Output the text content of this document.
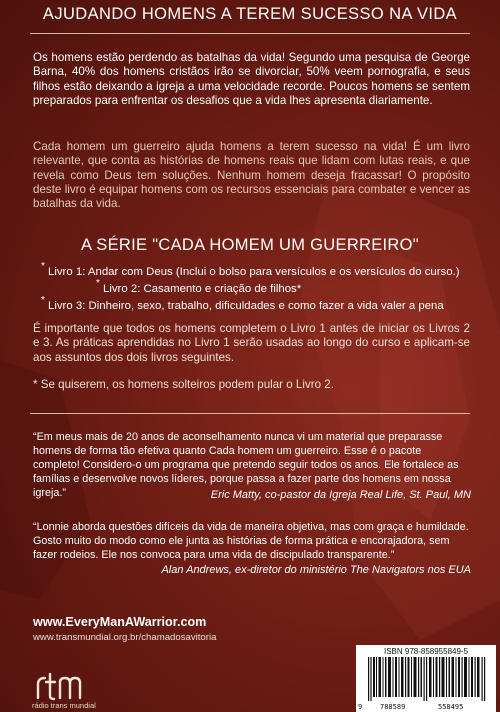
AJUDANDO HOMENS A TEREM SUCESSO NA VIDA

Os homens estão perdendo as batalhas da vida! Segundo uma pesquisa de George Barna, 40% dos homens cristãos irão se divorciar, 50% veem pornografia, e seus filhos estão deixando a igreja a uma velocidade recorde. Poucos homens se sentem preparados para enfrentar os desafios que a vida lhes apresenta diariamente.

Cada homem um guerreiro ajuda homens a terem sucesso na vida! É um livro relevante, que conta as histórias de homens reais que lidam com lutas reais, e que revela como Deus tem soluções. Nenhum homem deseja fracassar! O propósito deste livro é equipar homens com os recursos essenciais para combater e vencer as batalhas da vida.

A SÉRIE "CADA HOMEM UM GUERREIRO"
* Livro 1: Andar com Deus (Inclui o bolso para versículos e os versículos do curso.)
* Livro 2: Casamento e criação de filhos*
* Livro 3: Dinheiro, sexo, trabalho, dificuldades e como fazer a vida valer a pena

É importante que todos os homens completem o Livro 1 antes de iniciar os Livros 2 e 3. As práticas aprendidas no Livro 1 serão usadas ao longo do curso e aplicam-se aos assuntos dos dois livros seguintes.

* Se quiserem, os homens solteiros podem pular o Livro 2.

“Em meus mais de 20 anos de aconselhamento nunca vi um material que preparasse homens de forma tão efetiva quanto Cada homem um guerreiro. Esse é o pacote completo! Considero-o um programa que pretendo seguir todos os anos. Ele fortalece as famílias e desenvolve novos líderes, porque passa a fazer parte dos homens em nossa igreja.”	Eric Matty, co-pastor da Igreja Real Life, St. Paul, MN

“Lonnie aborda questões difíceis da vida de maneira objetiva, mas com graça e humildade. Gosto muito do modo como ele junta as histórias de forma prática e encorajadora, sem fazer rodeios. Ele nos convoca para uma vida de discipulado transparente.”

Alan Andrews, ex-diretor do ministério The Navigators nos EUA
www.EveryManAWarrior.com
www.transmundial.org.br/chamadosavitoria
rádio trans mundial
ISBN 978-858955849-5
9	788589	558495
